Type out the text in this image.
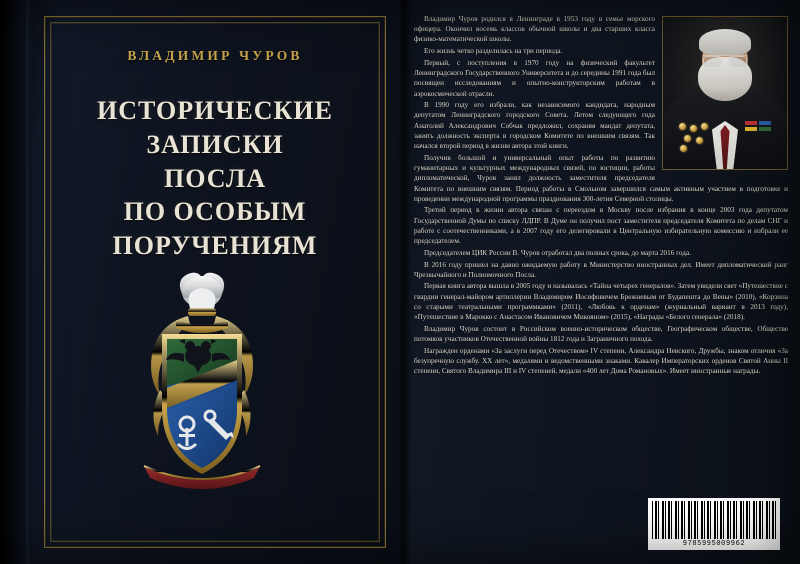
ВЛАДИМИР ЧУРОВ
ИСТОРИЧЕСКИЕ
ЗАПИСКИ
ПОСЛА
ПО ОСОБЫМ
ПОРУЧЕНИЯМ

Владимир Чуров родился в Ленинграде в 1953 году в семье морского офицера. Окончил восемь классов обычной школы и два старших класса физико-математической школы.

Его жизнь четко разделилась на три периода.

Первый, с поступления в 1970 году на физический факультет Ленинградского Государственного Университета и до середины 1991 года был посвящен исследованиям и опытно-конструкторским работам в аэрокосмической отрасли.

В 1990 году его избрали, как независимого кандидата, народным депутатом Ленинградского городского Совета. Летом следующего года Анатолий Александрович Собчак предложил, сохраняя мандат депутата, занять должность эксперта в городском Комитете по внешним связям. Так начался второй период в жизни автора этой книги.

Получив большой и универсальный опыт работы по развитию гуманитарных и культурных международных связей, по юстиции, работы дипломатической, Чуров занял должность заместителя председателя Комитета по внешним связям. Период работы в Смольном завершился самым активным участием в подготовке и проведении международной программы празднования 300-летия Северной столицы.

Третий период в жизни автора связан с переездом в Москву после избрания в конце 2003 года депутатом Государственной Думы по списку ЛДПР. В Думе он получил пост заместителя председателя Комитета по делам СНГ и работе с соотечественниками, а в 2007 году его делегировали в Центральную избирательную комиссию и избрали ее председателем.

Председателем ЦИК России В. Чуров отработал два полных срока, до марта 2016 года.

В 2016 году пришел на давно ожидаемую работу в Министерство иностранных дел. Имеет дипломатический ранг Чрезвычайного и Полномочного Посла.

Первая книга автора вышла в 2005 году и называлась «Тайна четырех генералов». Затем увидели свет «Путешествие с гвардии генерал-майором артиллерии Владимиром Иосифовичем Брежневым от Будапешта до Вены» (2010), «Корзина со старыми театральными программками» (2011), «Любовь к орденам» (журнальный вариант в 2013 году), «Путешествие в Марокко с Анастасом Ивановичем Микояном» (2015), «Награды «Белого генерала» (2018).

Владимир Чуров состоит в Российском военно-историческом обществе, Географическом обществе, Обществе потомков участников Отечественной войны 1812 года и Заграничного похода.

Награжден орденами «За заслуги перед Отечеством» IV степени, Александра Невского, Дружбы, знаком отличия «За безупречную службу. XX лет», медалями и ведомственными знаками. Кавалер Императорских орденов Святой Анны II степени, Святого Владимира III и IV степеней, медали «400 лет Дома Романовых». Имеет иностранные награды.

9785995009962
